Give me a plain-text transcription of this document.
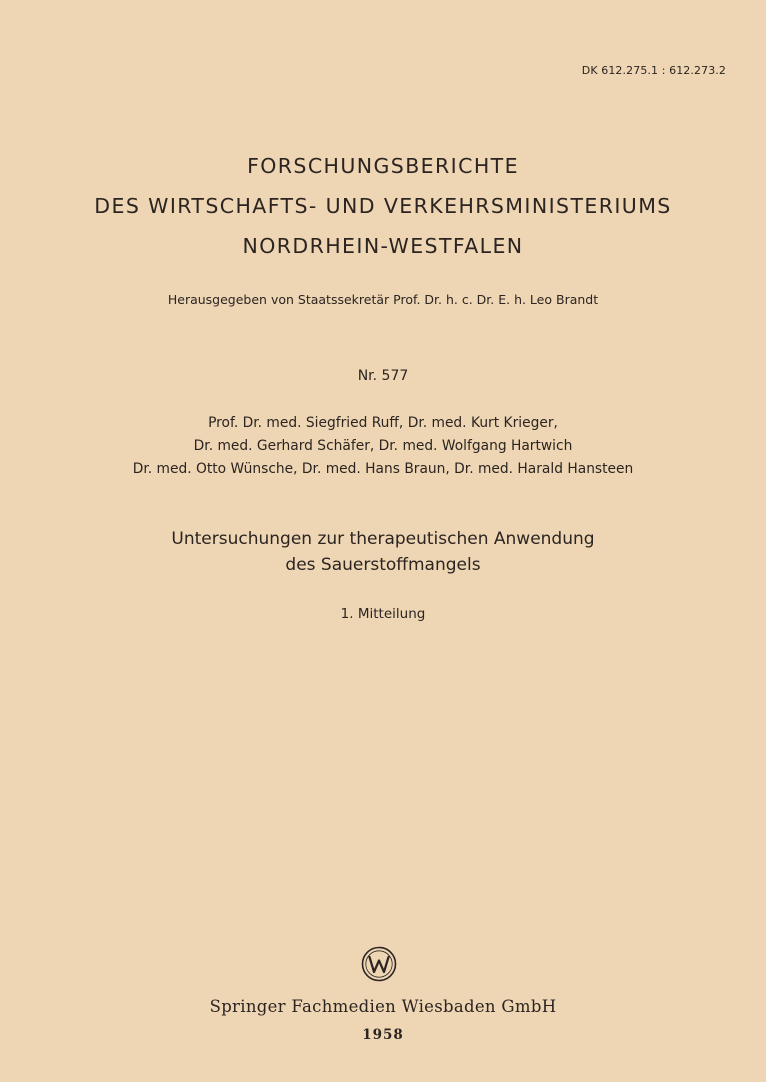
DK 612.275.1 : 612.273.2
FORSCHUNGSBERICHTE
DES WIRTSCHAFTS- UND VERKEHRSMINISTERIUMS
NORDRHEIN-WESTFALEN
Herausgegeben von Staatssekretär Prof. Dr. h. c. Dr. E. h. Leo Brandt
Nr. 577
Prof. Dr. med. Siegfried Ruff, Dr. med. Kurt Krieger,
Dr. med. Gerhard Schäfer, Dr. med. Wolfgang Hartwich
Dr. med. Otto Wünsche, Dr. med. Hans Braun, Dr. med. Harald Hansteen
Untersuchungen zur therapeutischen Anwendung
des Sauerstoffmangels
1. Mitteilung
Springer Fachmedien Wiesbaden GmbH
1958
